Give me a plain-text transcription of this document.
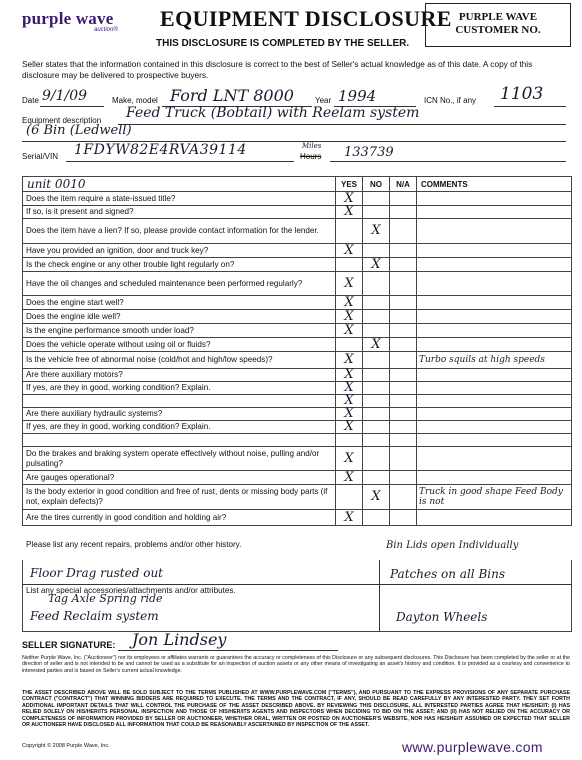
purple wave
auction® EQUIPMENT DISCLOSURE
THIS DISCLOSURE IS COMPLETED BY THE SELLER.
PURPLE WAVE
CUSTOMER NO.
Seller states that the information contained in this disclosure is correct to the best of Seller's actual knowledge as of this date. A copy of this disclosure may be delivered to prospective buyers.
Date 9/1/09	Make, model Ford LNT 8000	Year 1994	ICN No., if any 1103
Equipment description Feed Truck (Bobtail) with Reelam system
(6 Bin (Ledwell)
Serial/VIN 1FDYW82E4RVA39114	Miles
Hours 133739
unit 0010	YES	NO	N/A	COMMENTS
Does the item require a state-issued title?	X			
If so, is it present and signed?	X			
Does the item have a lien? If so, please provide contact information for the lender.		X		
Have you provided an ignition, door and truck key?	X			
Is the check engine or any other trouble light regularly on?		X		
Have the oil changes and scheduled maintenance been performed regularly?	X			
Does the engine start well?	X			
Does the engine idle well?	X			
Is the engine performance smooth under load?	X			
Does the vehicle operate without using oil or fluids?		X		
Is the vehicle free of abnormal noise (cold/hot and high/low speeds)?	X			Turbo squils at high speeds
Are there auxiliary motors?	X			
If yes, are they in good, working condition? Explain.	X			
	X			
Are there auxiliary hydraulic systems?	X			
If yes, are they in good, working condition? Explain.	X			

Do the brakes and braking system operate effectively without noise, pulling and/or pulsating?	X			
Are gauges operational?	X			
Is the body exterior in good condition and free of rust, dents or missing body parts (if not, explain defects)?		X		Truck in good shape Feed Body is not
Are the tires currently in good condition and holding air?	X			
Please list any recent repairs, problems and/or other history.
Floor Drag rusted out
Bin Lids open Individually
Patches on all Bins
List any special accessories/attachments and/or attributes.
Tag Axle Spring ride
Feed Reclaim system	Dayton Wheels
SELLER SIGNATURE: Jon Lindsey
Neither Purple Wave, Inc. ("Auctioneer") nor its employees or affiliates warrants or guarantees the accuracy or completeness of this Disclosure or any subsequent disclosures. This Disclosure has been completed by the seller or at the direction of seller and is not intended to be and cannot be used as a substitute for an inspection of auction assets or any other means of investigating an asset's history and condition. It is provided as a courtesy and convenience to interested parties and is based on Seller's current actual knowledge.
THE ASSET DESCRIBED ABOVE WILL BE SOLD SUBJECT TO THE TERMS PUBLISHED AT WWW.PURPLEWAVE.COM ("TERMS"), AND PURSUANT TO THE EXPRESS PROVISIONS OF ANY SEPARATE PURCHASE CONTRACT ("CONTRACT") THAT WINNING BIDDERS ARE REQUIRED TO EXECUTE. THE TERMS AND THE CONTRACT, IF ANY, SHOULD BE READ CAREFULLY BY ANY INTERESTED PARTY. THEY SET FORTH ADDITIONAL IMPORTANT DETAILS THAT WILL CONTROL THE PURCHASE OF THE ASSET DESCRIBED ABOVE. BY REVIEWING THIS DISCLOSURE, ALL INTERESTED PARTIES AGREE THAT HE/SHE/IT: (I) HAS RELIED SOLELY ON HIS/HER/ITS PERSONAL INSPECTION AND THOSE OF HIS/HER/ITS AGENTS AND INSPECTORS WHEN DECIDING TO BID ON THE ASSET; AND (II) HAS NOT RELIED ON THE ACCURACY OR COMPLETENESS OF INFORMATION PROVIDED BY SELLER OR AUCTIONEER, WHETHER ORAL, WRITTEN OR POSTED ON AUCTIONEER'S WEBSITE, NOR HAS HE/SHE/IT ASSUMED OR EXPECTED THAT SELLER OR AUCTIONEER HAVE DISCLOSED ALL INFORMATION THAT COULD BE REASONABLY ASCERTAINED BY INSPECTION OF THE ASSET.
Copyright © 2008 Purple Wave, Inc.	www.purplewave.com
